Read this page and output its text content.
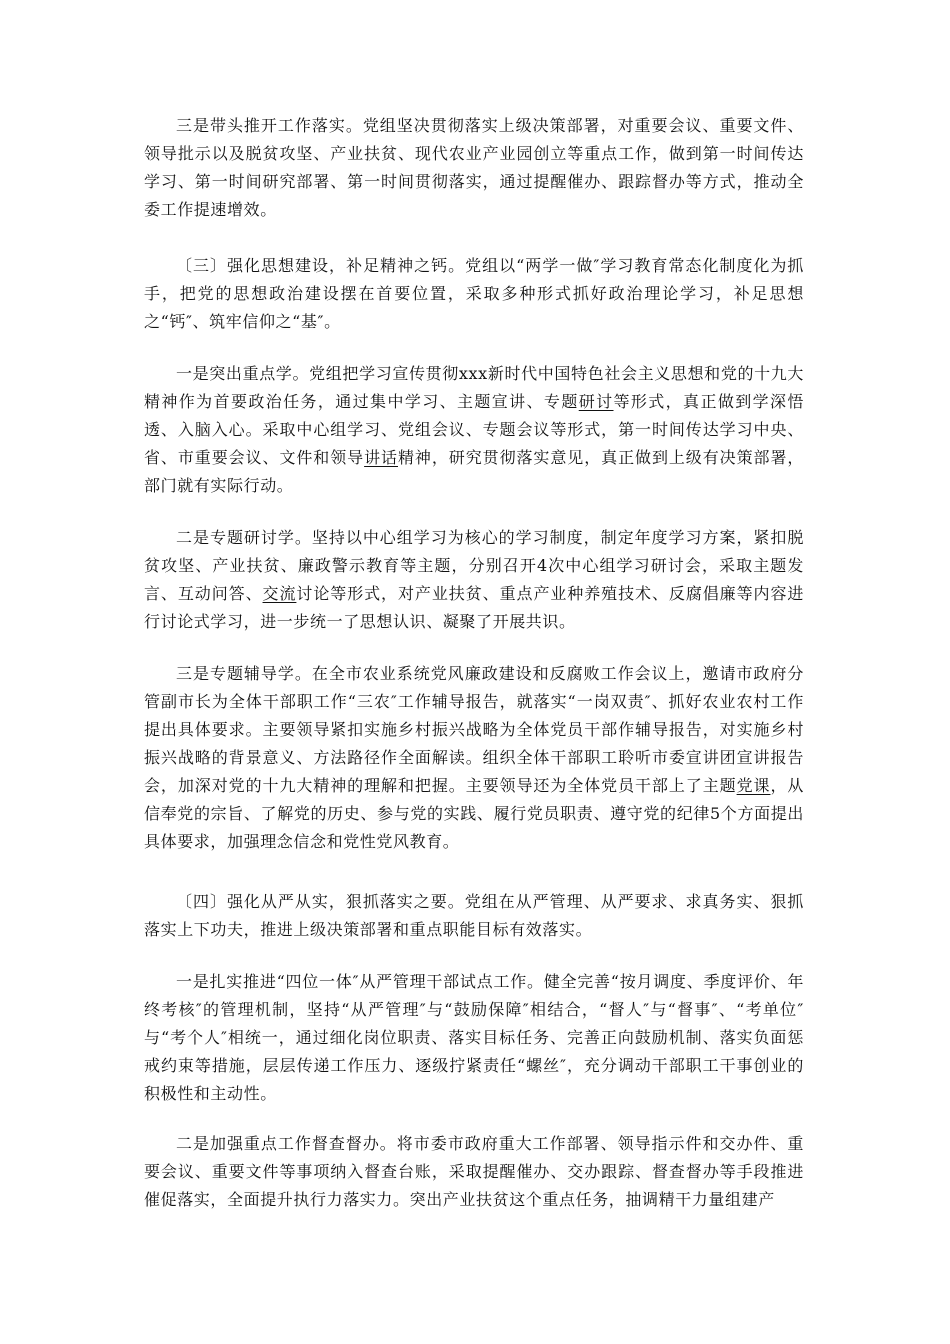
三是带头推开工作落实。党组坚决贯彻落实上级决策部署，对重要会议、重要文件、领导批示以及脱贫攻坚、产业扶贫、现代农业产业园创立等重点工作，做到第一时间传达学习、第一时间研究部署、第一时间贯彻落实，通过提醒催办、跟踪督办等方式，推动全委工作提速增效。

〔三〕强化思想建设，补足精神之钙。党组以“两学一做″学习教育常态化制度化为抓手，把党的思想政治建设摆在首要位置，采取多种形式抓好政治理论学习，补足思想之“钙″、筑牢信仰之“基″。

一是突出重点学。党组把学习宣传贯彻xxx新时代中国特色社会主义思想和党的十九大精神作为首要政治任务，通过集中学习、主题宣讲、专题研讨等形式，真正做到学深悟透、入脑入心。采取中心组学习、党组会议、专题会议等形式，第一时间传达学习中央、省、市重要会议、文件和领导讲话精神，研究贯彻落实意见，真正做到上级有决策部署，部门就有实际行动。

二是专题研讨学。坚持以中心组学习为核心的学习制度，制定年度学习方案，紧扣脱贫攻坚、产业扶贫、廉政警示教育等主题，分别召开4次中心组学习研讨会，采取主题发言、互动问答、交流讨论等形式，对产业扶贫、重点产业种养殖技术、反腐倡廉等内容进行讨论式学习，进一步统一了思想认识、凝聚了开展共识。

三是专题辅导学。在全市农业系统党风廉政建设和反腐败工作会议上，邀请市政府分管副市长为全体干部职工作“三农″工作辅导报告，就落实“一岗双责″、抓好农业农村工作提出具体要求。主要领导紧扣实施乡村振兴战略为全体党员干部作辅导报告，对实施乡村振兴战略的背景意义、方法路径作全面解读。组织全体干部职工聆听市委宣讲团宣讲报告会，加深对党的十九大精神的理解和把握。主要领导还为全体党员干部上了主题党课，从信奉党的宗旨、了解党的历史、参与党的实践、履行党员职责、遵守党的纪律5个方面提出具体要求，加强理念信念和党性党风教育。

〔四〕强化从严从实，狠抓落实之要。党组在从严管理、从严要求、求真务实、狠抓落实上下功夫，推进上级决策部署和重点职能目标有效落实。

一是扎实推进“四位一体″从严管理干部试点工作。健全完善“按月调度、季度评价、年终考核″的管理机制，坚持“从严管理″与“鼓励保障″相结合，“督人″与“督事″、“考单位″与“考个人″相统一，通过细化岗位职责、落实目标任务、完善正向鼓励机制、落实负面惩戒约束等措施，层层传递工作压力、逐级拧紧责任“螺丝″，充分调动干部职工干事创业的积极性和主动性。

二是加强重点工作督查督办。将市委市政府重大工作部署、领导指示件和交办件、重要会议、重要文件等事项纳入督查台账，采取提醒催办、交办跟踪、督查督办等手段推进催促落实，全面提升执行力落实力。突出产业扶贫这个重点任务，抽调精干力量组建产
